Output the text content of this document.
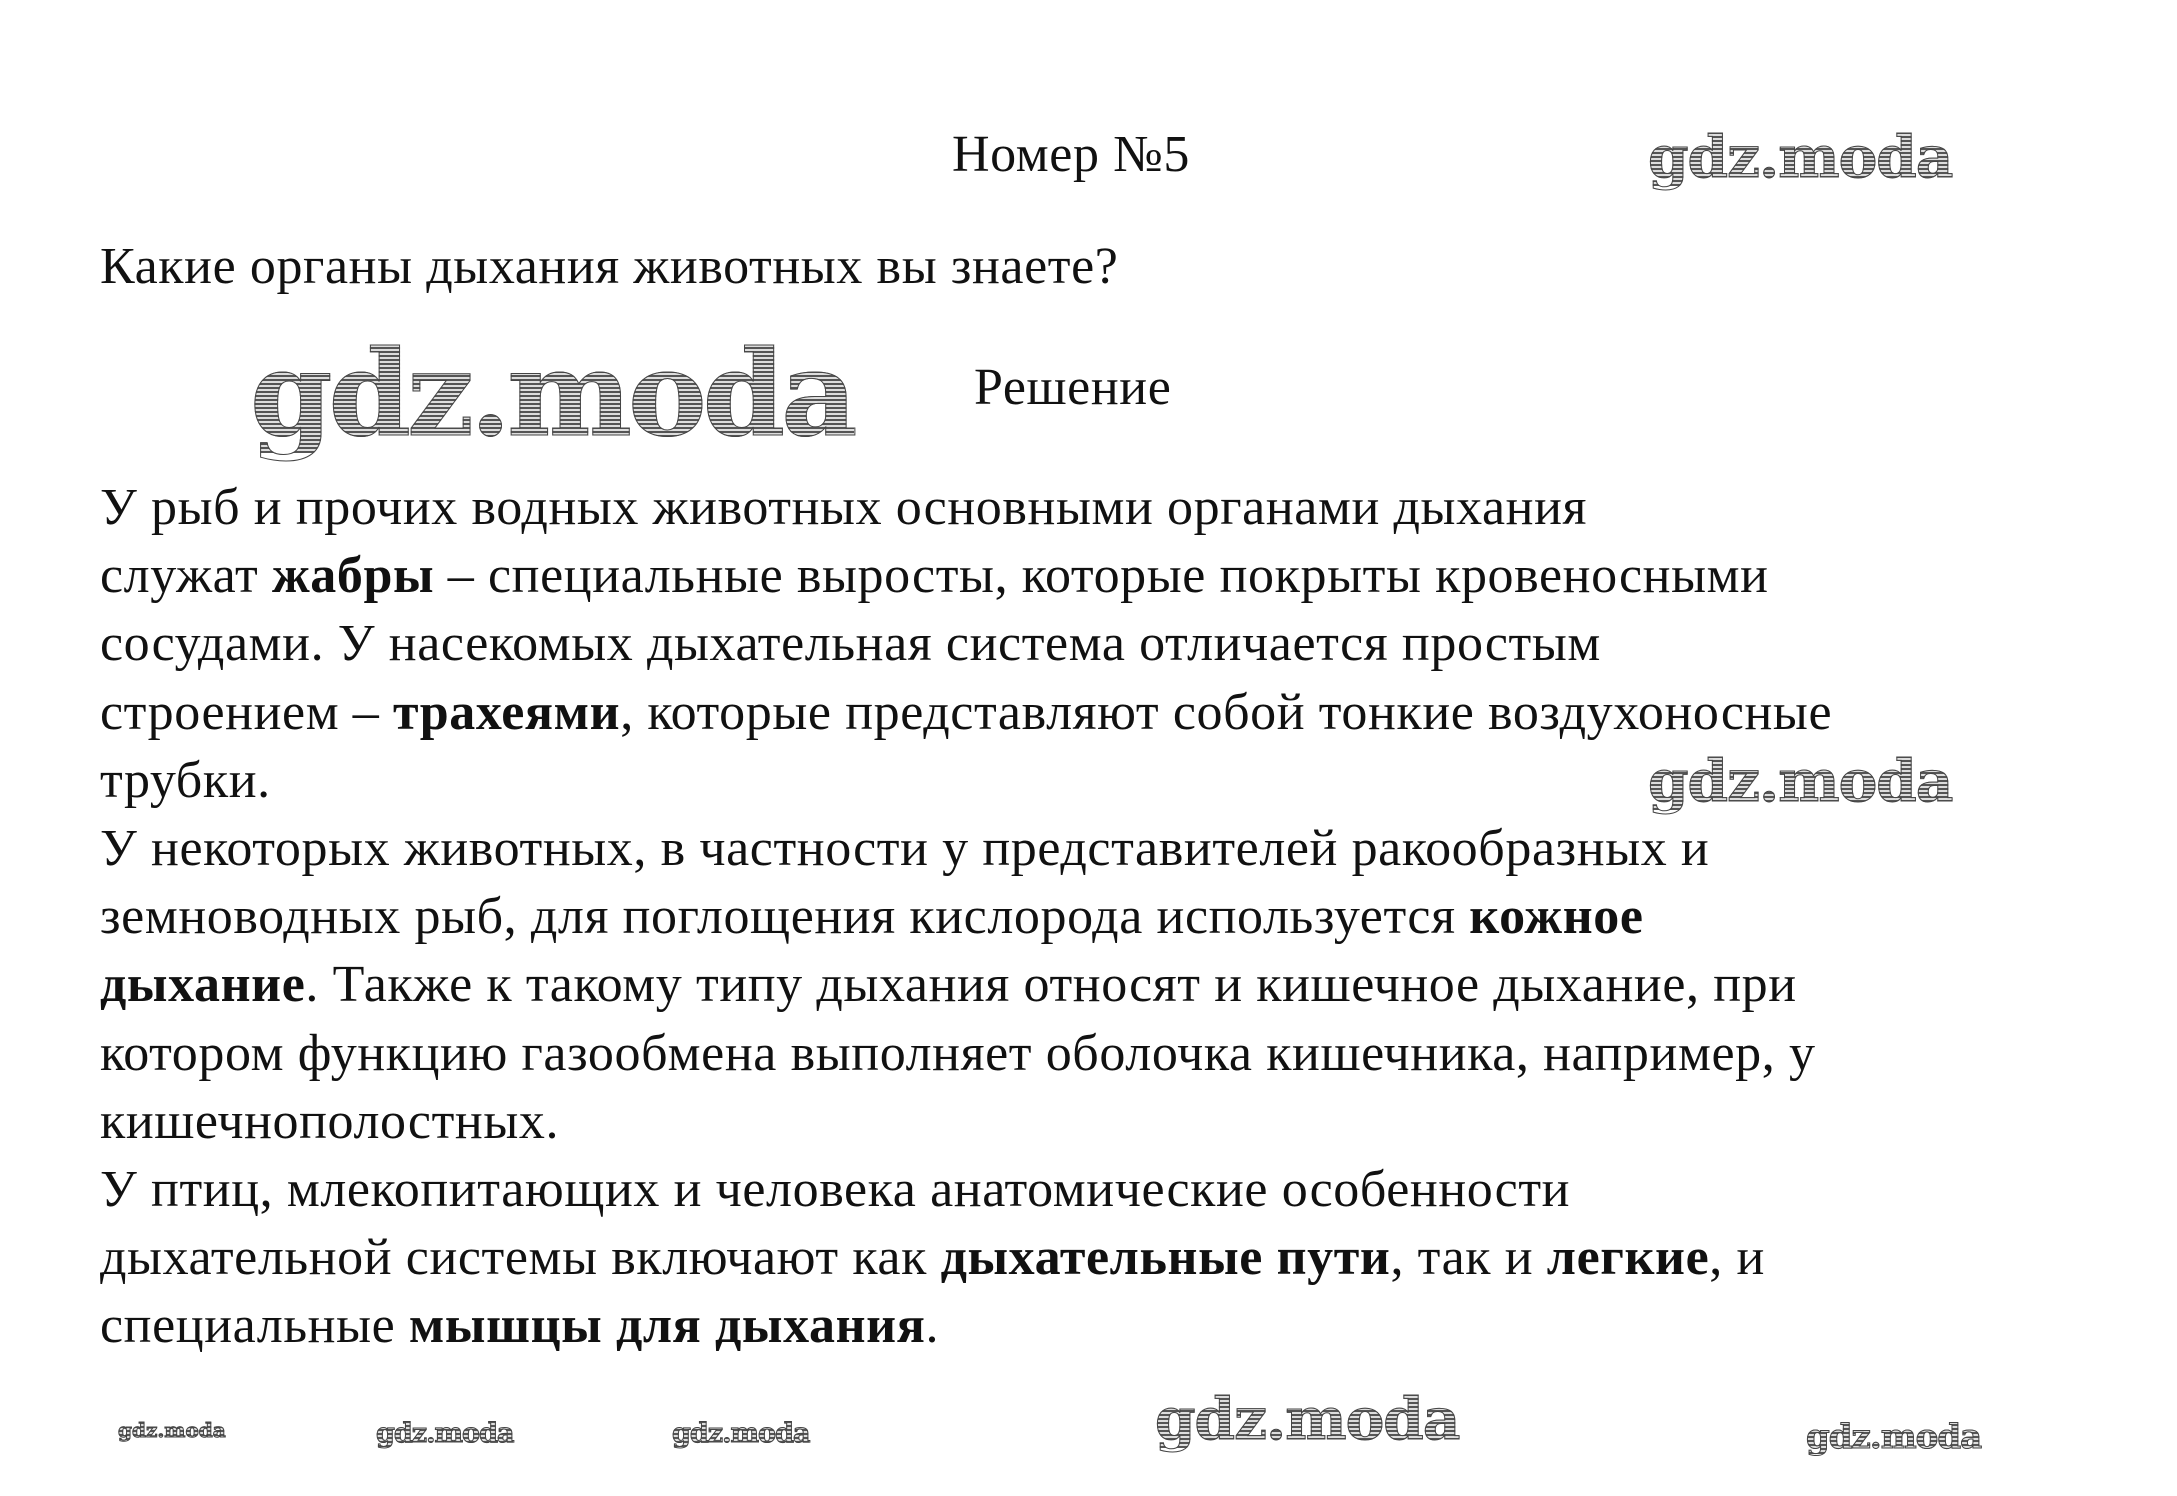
Номер №5
Какие органы дыхания животных вы знаете?
Решение
У рыб и прочих водных животных основными органами дыхания
служат жабры – специальные выросты, которые покрыты кровеносными
сосудами. У насекомых дыхательная система отличается простым
строением – трахеями, которые представляют собой тонкие воздухоносные
трубки.
У некоторых животных, в частности у представителей ракообразных и
земноводных рыб, для поглощения кислорода используется кожное
дыхание. Также к такому типу дыхания относят и кишечное дыхание, при
котором функцию газообмена выполняет оболочка кишечника, например, у
кишечнополостных.
У птиц, млекопитающих и человека анатомические особенности
дыхательной системы включают как дыхательные пути, так и легкие, и
специальные мышцы для дыхания.
gdz.moda
gdz.moda
gdz.moda
gdz.moda
gdz.moda
gdz.moda	gdz.moda	gdz.moda
